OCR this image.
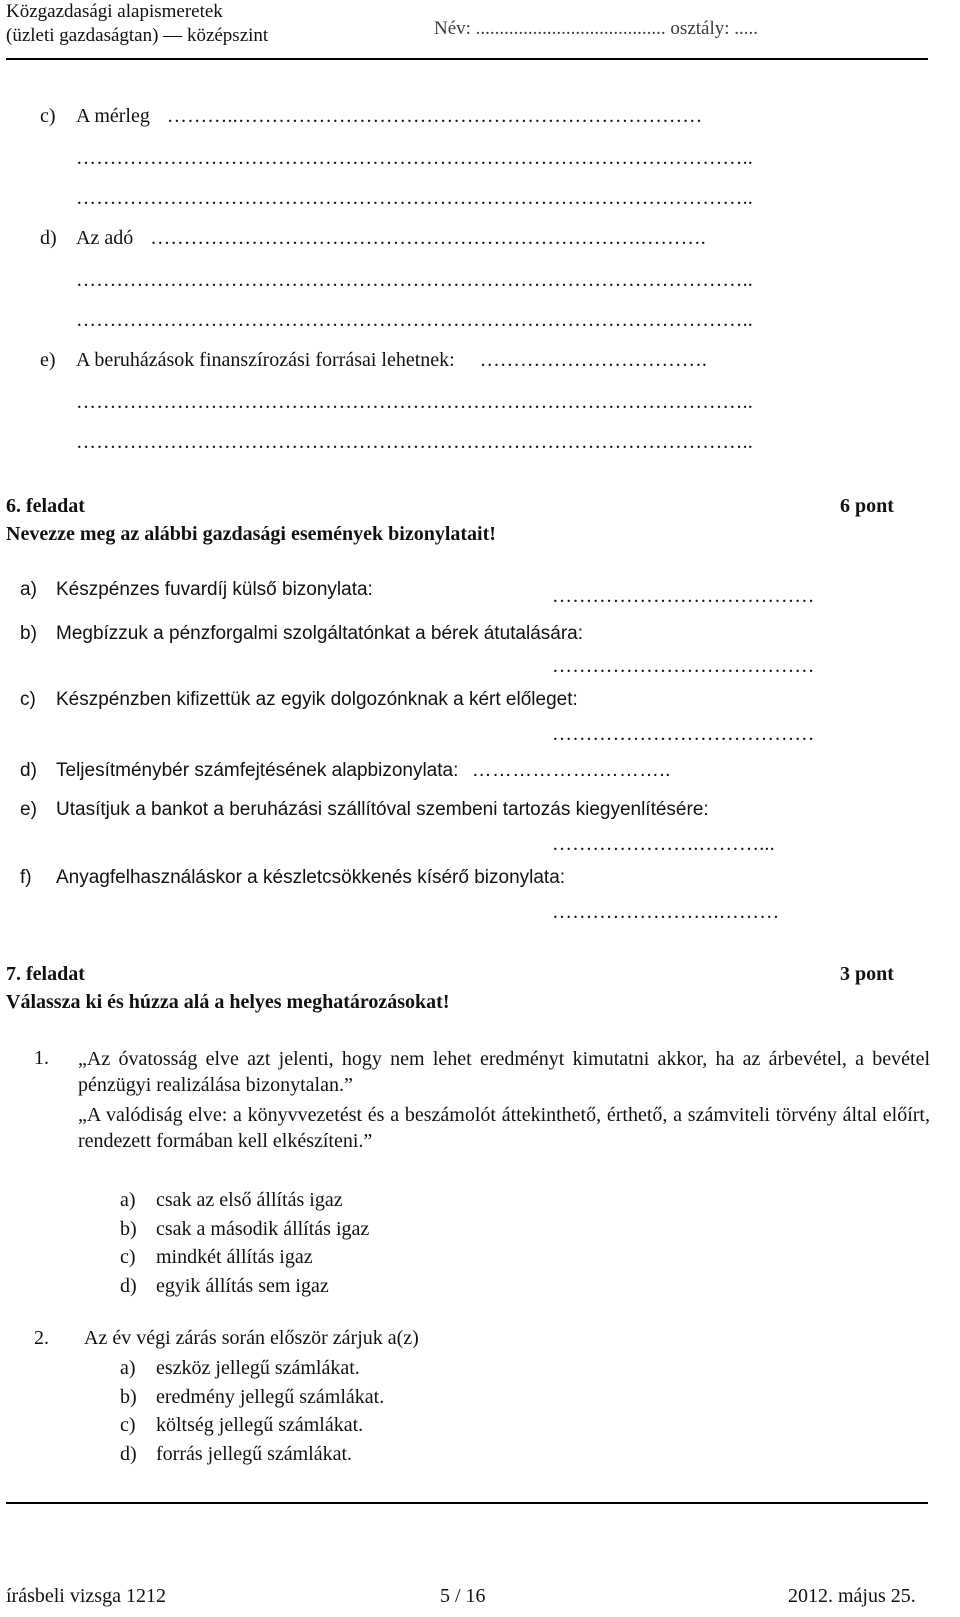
Közgazdasági alapismeretek
(üzleti gazdaságtan) — középszint	Név: ........................................ osztály: .....
c) A mérleg ………..……………………………………………………………
………………………………………………………………………………………..
………………………………………………………………………………………..
d) Az adó ……………………………………………………………….……….
………………………………………………………………………………………..
………………………………………………………………………………………..
e) A beruházások finanszírozási forrásai lehetnek: …………………………….
………………………………………………………………………………………..
………………………………………………………………………………………..
6. feladat	6 pont
Nevezze meg az alábbi gazdasági események bizonylatait!
a) Készpénzes fuvardíj külső bizonylata:	…………………………………
b) Megbízzuk a pénzforgalmi szolgáltatónkat a bérek átutalására:
…………………………………
c) Készpénzben kifizettük az egyik dolgozónknak a kért előleget:
…………………………………
d) Teljesítménybér számfejtésének alapbizonylata: ……………….………..
e) Utasítjuk a bankot a beruházási szállítóval szembeni tartozás kiegyenlítésére:
………………….………...
f) Anyagfelhasználáskor a készletcsökkenés kísérő bizonylata:
…………………….………
7. feladat	3 pont
Válassza ki és húzza alá a helyes meghatározásokat!
1. „Az óvatosság elve azt jelenti, hogy nem lehet eredményt kimutatni akkor, ha az árbevétel, a bevétel pénzügyi realizálása bizonytalan.”
„A valódiság elve: a könyvvezetést és a beszámolót áttekinthető, érthető, a számviteli törvény által előírt, rendezett formában kell elkészíteni.”
a) csak az első állítás igaz
b) csak a második állítás igaz
c) mindkét állítás igaz
d) egyik állítás sem igaz
2. Az év végi zárás során először zárjuk a(z)
a) eszköz jellegű számlákat.
b) eredmény jellegű számlákat.
c) költség jellegű számlákat.
d) forrás jellegű számlákat.
írásbeli vizsga 1212	5 / 16	2012. május 25.
